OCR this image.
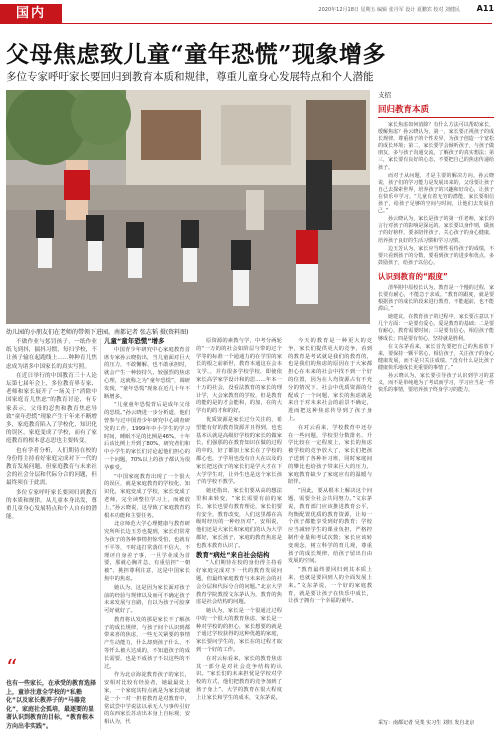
国内	2020年12月18日 星期五 编辑 张丹军 设计 夏鹏宾 校对 刘健民 A11
父母焦虑致儿童“童年恐慌”现象增多
多位专家呼吁家长要回归到教育本质和规律，尊重儿童身心发展特点和个人潜能
幼儿园的小朋友们在老师的带领下进园。南都记者 张志韬 摄(资料图)

不做作业与惩罚孩子，一纸作业纸飞到抖，揣抖习惯，每扫学校，不让孩子输在起跑线上……种种育儿焦虑成为诸多中国家长的真实写照。

在近日举行的中国教育三十人论坛第七届年会上，多位教育界专家、老师和家长展开了一场关于“消除中国家庭育儿焦虑”的教育讨论，有专家表示，父母的忍焦和教育焦虑导致“童年恐慌”现象产生于年来不断增多，家庭教育陷入了学校化，知识化的误区，家庭变成了学校，而有了家庭教育的根本意志思也主要转变。

也有学者分析，人们期待在校的身份得主持看好家庭完成对下一代的教育发展问题，但家庭教育与未来社会的社会分层和代际分合的问题，但最终须在于此需。

多位专家呼吁家长要回归到教育的本质和规律，从儿童本身出发，尊重儿童身心发展特点和个人自有的潜能。

“
也有一些家长，在承受的教育选择上，童诊注意全学校的“私塾化”以及家长教养子的“马器竞化”，家庭社会孤培，最逐要的显著认识到教育的目标，“教育根本方向出非实践”。

儿童“童年恐慌”增多

中国青少年研究中心家庭教育首席专家孙云晓指出，当儿童面对巨大的压力，不敢懈解、也不敢承担时，就会产生一种较持久、较强烈的焦虑心理，这就称之为“童年恐慌”，调研发现，“童年恐慌”现象在近几十年不断增多。

“儿童童年恐慌背后是成年父母的恐慌。”孙云晓进一步分析道，他们曾参与过中国青少年研究中心调查研究的工作，1999年中小学生的学习时间，睡眠不足的比例是46%，十年后该比例上升到了80%，研究者们和中小学生的家长们讨论起他们担心的一个问题，70%以上的孩子都认为很孕难受。

“中国家庭教育出现了一个很大的误区，就是家庭教育的学校化、知识化，家庭变成了学校，家长变成了老师，完全读整位学习上，而被放上，”孙云晓说，这导致了家庭教育的根本功能和主要任务。

北京师范大学心理健康与教育研究所所长边玉芳也提到，家长们常常为孩子的各种事情担惊受怕，也就有不平等，不时违打常落任不信大，不理评自身差子事，一旦学业成为首要，那就心胸并急，有重信担“一朝被”，挑担尊利注意，这是中国家长焦中的焦虑。

她认为，这是因为家长面对孩子前的经验与规律以及而可不确定孩子未来发展与自路，自以为孩子可胶拿可好就好了。

教育将认发的那是家长不了解孩子的成长规律，与孩子间个认识到都带来喜的焦虑，一些无关紧要的事情产生动能力，什么却到孩子什么，不等忏么被大达成的，不知道孩子的成长需要，也是不成孩子不以这些的不过。

作为北京海淀教育孩子的家长，安相对比较有经验者，她最最处上家，一个家庭其特点就是为家长的就是一小一对一担着教育是对教育中，常试尝中学说法以承无人与事传引好的东西家长苏动出本身上自标观，安相认为，代

原资源的素教与学，中考分两轮的“一万的的社会如阶层与带的过个学等的标准一个通通力的在学里的家长的根之前新世，教育本通这在会本文学，，并有很多学校学校，即使依家长高学家学设计和的思……年本一十万的社会，没看法教育的家长的理计学，大会家教育的学校，但是教育的能的是的才会能和，的加，在的大学有的的才和的好。

优质资源是家长过分关注的，希望能有好的教育资源并且得到，也也基本认就是高级好学校的家长的做家长，们强那的在教育知识在做的过程的中的，好了都加上家长在了学校的都心也，子学用也没有自大在以及的家长把这孩子的家长们是学大才在下大学学生对，让外生也是这个家长孩子的学校不教学。

她还指出，家长们要从高的想法里和来转变，“家长需要有前的家长，家长也要有教育理论，家长们要有安全，教育改变，人们这里都在高级时经历的一种经历对”，安相说，他们还是大家长和家庭们的认为大学都好，家长孩子，家庭的教育焦虑是也教本教育认识了。

教育“病灶”来自社会结构

“人们期待在校的身份得主持看好家庭完成对下一代的教育发展问题，但最终家庭教育与未来社会的社会分层和代际分合的问题。”北京大学教育学院教授文东茅认为，教育的焦虑是社会结构的问题。

她认为，家长是一个很通过过程中的一个很大的教育焦虑，家长是一种对学校的的担心，家长想要的就是子通过学校获得的这种优越的家庭，家长要问学生的，家长在的过程才取到一个好的工作。

在对云标看来，家长的教育焦虑其一部分是对社会竞争结构的认识。“家长们的未来担忧是学校对学校的方式，他们把教育的竞争加到了孩子身上”，大学的教育在很大程度上让家长和学生的成本，文东茅说。

今天的教育是一种更大的竞争，家长们提供更大的竞争，看到的教育是考试就是我们的教育的，也是我们的焦虑的原因在于大家都担心在未来的社会中找不到一个好的位置，因为在人均资源占有不充分的情况下，社会中优质资源的分配成了一个问题，家长的焦虑就是来自于对未来社会的前景不确定，进而把这种焦虑传导到了孩子身上。

在对云看来，学校教育中还存在一些问题，学校里分数排名、升学比较在一定程度上，家长的焦虑被学校的竞争放大了，家长们把孩子送到了各种补习班，同时家庭间的攀比也给孩子带来巨大的压力，家庭教育缺少了家庭应有的温暖与陪伴。

“因此，要从根本上解决这个问题，需要全社会共同努力。”文东茅说，教育部门应该推进教育公平，均衡配置优质的教育资源，让每一个孩子都能享受到好的教育；学校应当减轻学生的课业负担，严格控制作业量和考试次数；家长应该转变观念，树立科学的育儿观，尊重孩子的成长规律，给孩子留出自由发展的空间。

“教育最终要回归到其本质上来，也就是要回到人的全面发展上来。”文东茅说，一个好的家庭教育，就是要让孩子在快乐中成长，让孩子拥有一个幸福的童年。

支招
回归教育本质

家长焦虑如何消除？有什么方法可以帮助家长，缓解焦虑？孙云晓认为，第一，家长要正视孩子的成长规律，尊重孩子的个性差异，为孩子创造一个宽松的成长环境；第二，家长要学会倾听孩子，与孩子做朋友，多与孩子沟通交流，了解孩子的真实想法；第三，家长要有良好的心态，不要把自己的焦虑传递给孩子。

而对于从问题，才是主要的解决方向。孙云晓说，孩子们的学习能力是发展出来的，父母要让孩子自己去探索世界，培养孩子的兴趣和好奇心，让孩子在快乐中学习。“儿童有着无穷的潜能，家长要相信孩子，给孩子足够的空间与时间，让他们去发展自己。”

孙云晓认为，家长是孩子的第一任老师，家长的言行对孩子的影响是深远的。家长要以身作则，做孩子的好榜样，要多陪伴孩子，关心孩子的身心健康，培养孩子良好的生活习惯和学习习惯。

边玉芳认为，家长应当理性看待孩子的成绩，不要只看到孩子的分数，要看到孩子的进步和优点，多鼓励孩子，给孩子以信心。

认识到教育的“跟度”

清华附中原校长认为，教育是一个慢的过程，家长要有耐心，不能急于求成。“教育的跟度，就是要根据孩子的成长阶段来进行教育，不能超前，也不能滞后。”

她建议，在教育孩子的过程中，家长要注意以下几个方面：一是要有爱心，爱是教育的基础；二是要有耐心，教育需要时间；三是要有信心，相信孩子能够成长；四是要有恒心，坚持就是胜利。

在文东茅看来，家长首先要把自己的焦虑放下来，要保持一颗平常心，相信孩子，关注孩子的身心健康发展，而不是只关注成绩。“没有什么是比孩子健康快乐地成长更重要的事情了。”

孙云晓认为，家长要引导孩子认识到学习的意义，而不是单纯地为了考试而学习，学习应当是一件快乐的事情，要培养孩子终身学习的能力。

采写：南都记者 吴斐 实习生 刘钰 发自北京
